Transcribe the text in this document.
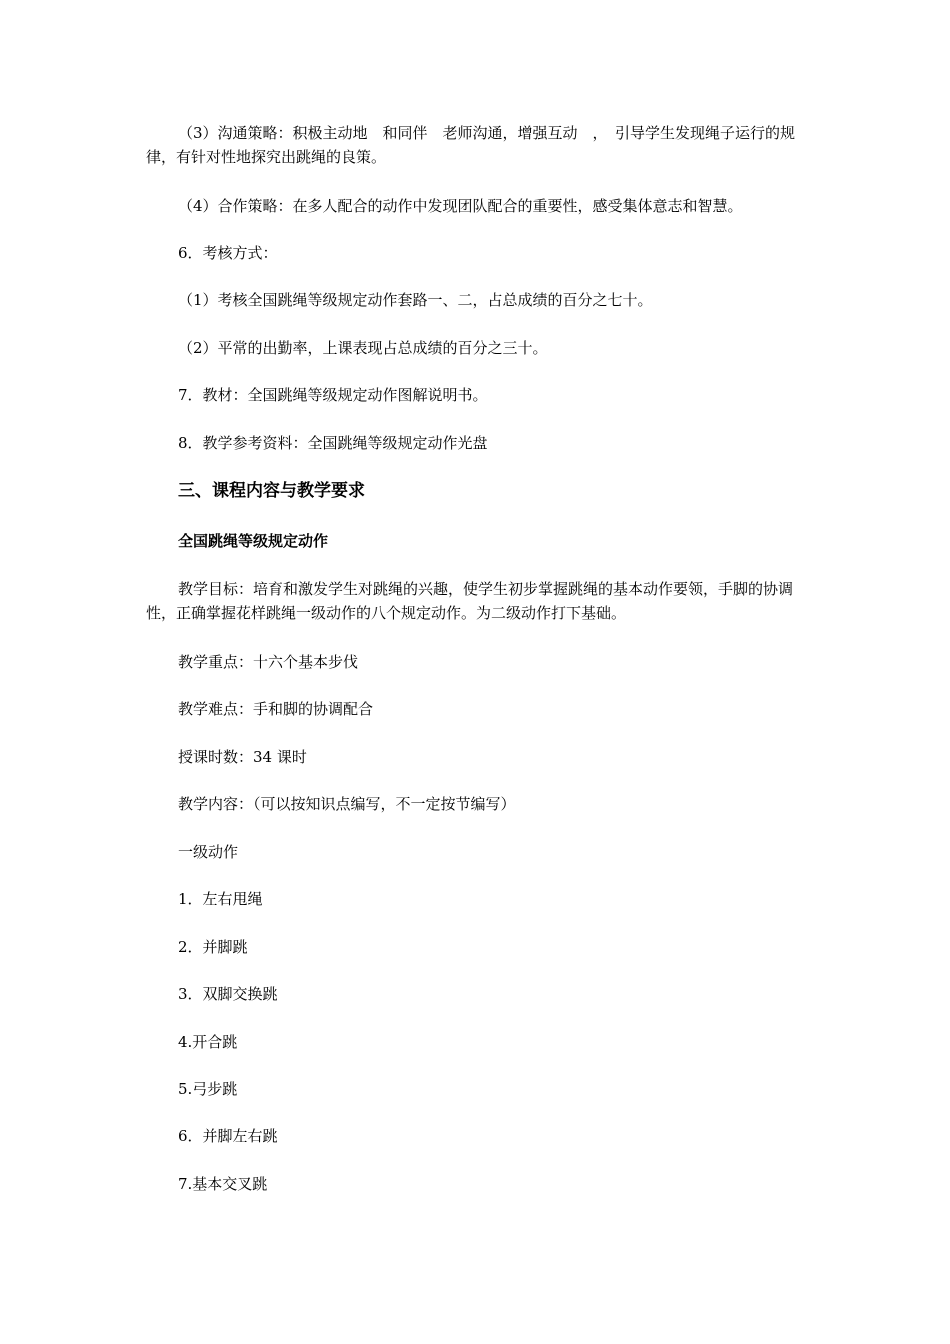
（3）沟通策略：积极主动地　和同伴　老师沟通，增强互动　，　引导学生发现绳子运行的规律，有针对性地探究出跳绳的良策。

（4）合作策略：在多人配合的动作中发现团队配合的重要性，感受集体意志和智慧。

6．考核方式：

（1）考核全国跳绳等级规定动作套路一、二，占总成绩的百分之七十。

（2）平常的出勤率，上课表现占总成绩的百分之三十。

7．教材：全国跳绳等级规定动作图解说明书。

8．教学参考资料：全国跳绳等级规定动作光盘

三、课程内容与教学要求
全国跳绳等级规定动作

教学目标：培育和激发学生对跳绳的兴趣，使学生初步掌握跳绳的基本动作要领，手脚的协调性，正确掌握花样跳绳一级动作的八个规定动作。为二级动作打下基础。

教学重点：十六个基本步伐

教学难点：手和脚的协调配合

授课时数：34 课时

教学内容：（可以按知识点编写，不一定按节编写）

一级动作

1．左右甩绳

2．并脚跳

3．双脚交换跳

4.开合跳

5.弓步跳

6．并脚左右跳

7.基本交叉跳
